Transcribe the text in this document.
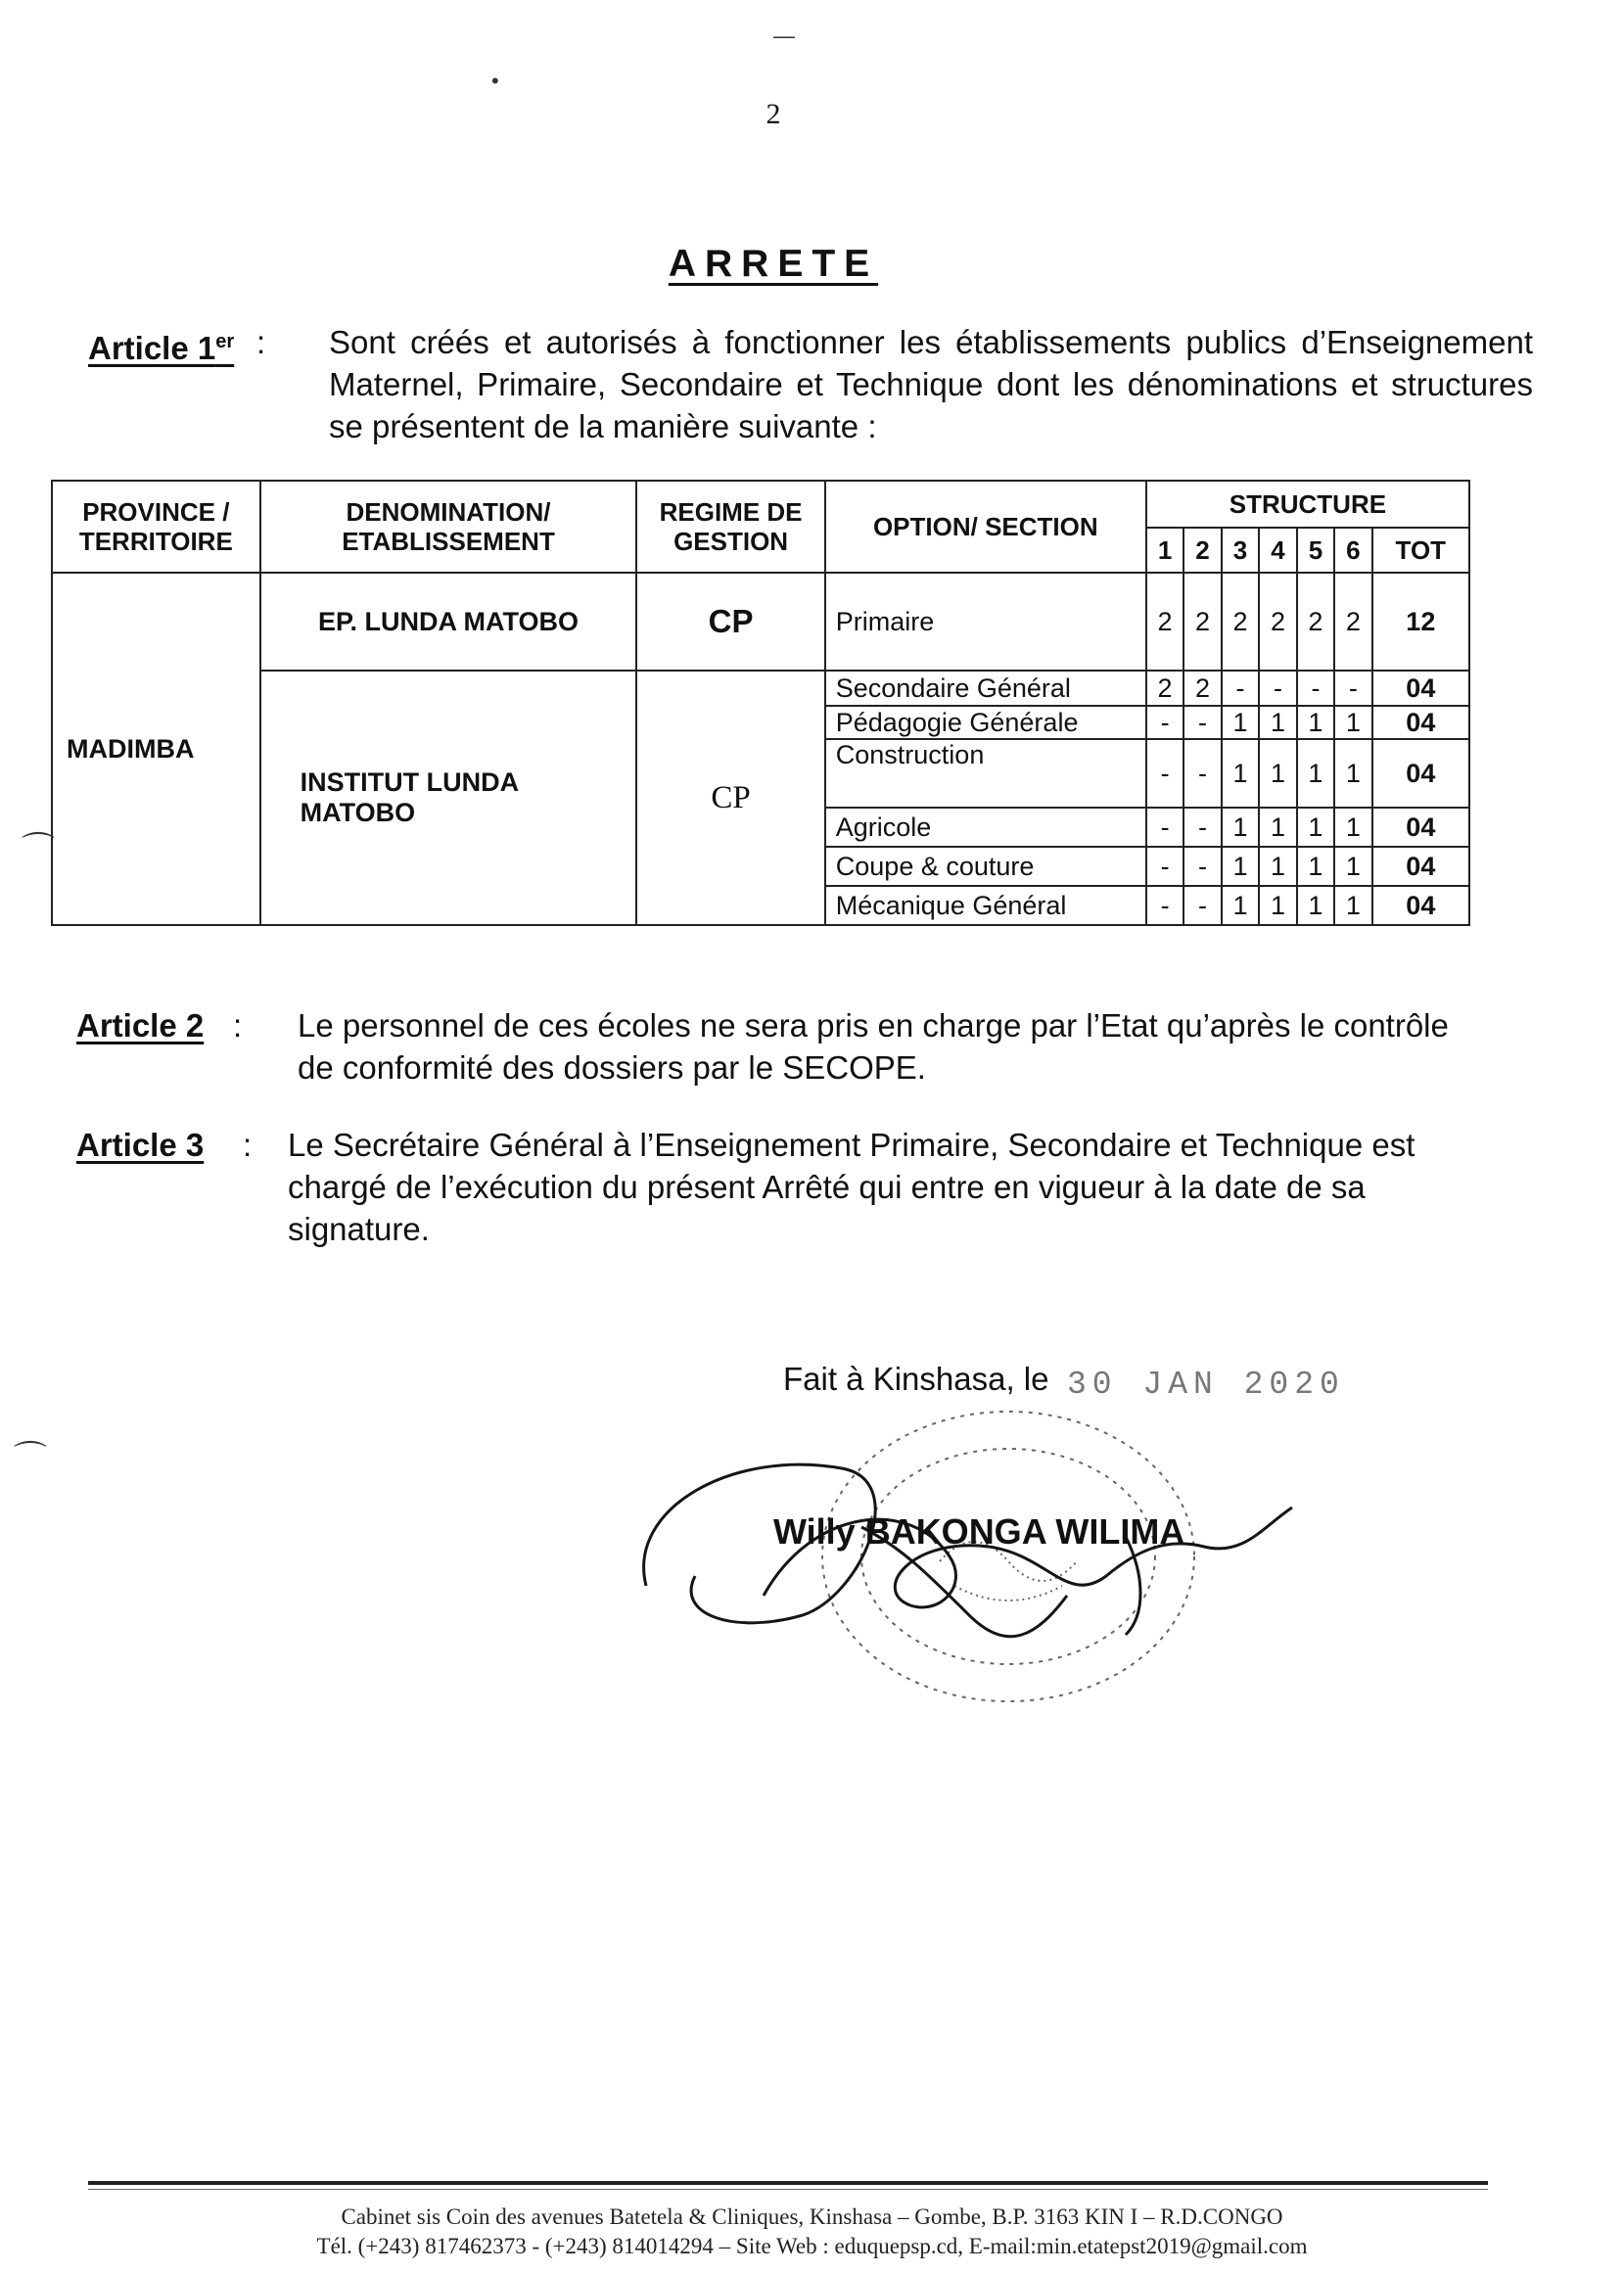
2
ARRETE
Article 1er : Sont créés et autorisés à fonctionner les établissements publics d’Enseignement Maternel, Primaire, Secondaire et Technique dont les dénominations et structures se présentent de la manière suivante :
PROVINCE / TERRITOIRE	DENOMINATION/ ETABLISSEMENT	REGIME DE GESTION	OPTION/ SECTION	STRUCTURE						
				1	2	3	4	5	6	TOT
MADIMBA	EP. LUNDA MATOBO	CP	Primaire	2	2	2	2	2	2	12
	INSTITUT LUNDA MATOBO	CP	Secondaire Général	2	2	-	-	-	-	04
			Pédagogie Générale	-	-	1	1	1	1	04
			Construction	-	-	1	1	1	1	04
			Agricole	-	-	1	1	1	1	04
			Coupe & couture	-	-	1	1	1	1	04
			Mécanique Général	-	-	1	1	1	1	04
Article 2 : Le personnel de ces écoles ne sera pris en charge par l’Etat qu’après le contrôle de conformité des dossiers par le SECOPE.
Article 3 : Le Secrétaire Général à l’Enseignement Primaire, Secondaire et Technique est chargé de l’exécution du présent Arrêté qui entre en vigueur à la date de sa signature.
Fait à Kinshasa, le 30 JAN 2020
Willy BAKONGA WILIMA
Cabinet sis Coin des avenues Batetela & Cliniques, Kinshasa – Gombe, B.P. 3163 KIN I – R.D.CONGO
Tél. (+243) 817462373 - (+243) 814014294 – Site Web : eduquepsp.cd, E-mail:min.etatepst2019@gmail.com
•
⌒
⌒
—
